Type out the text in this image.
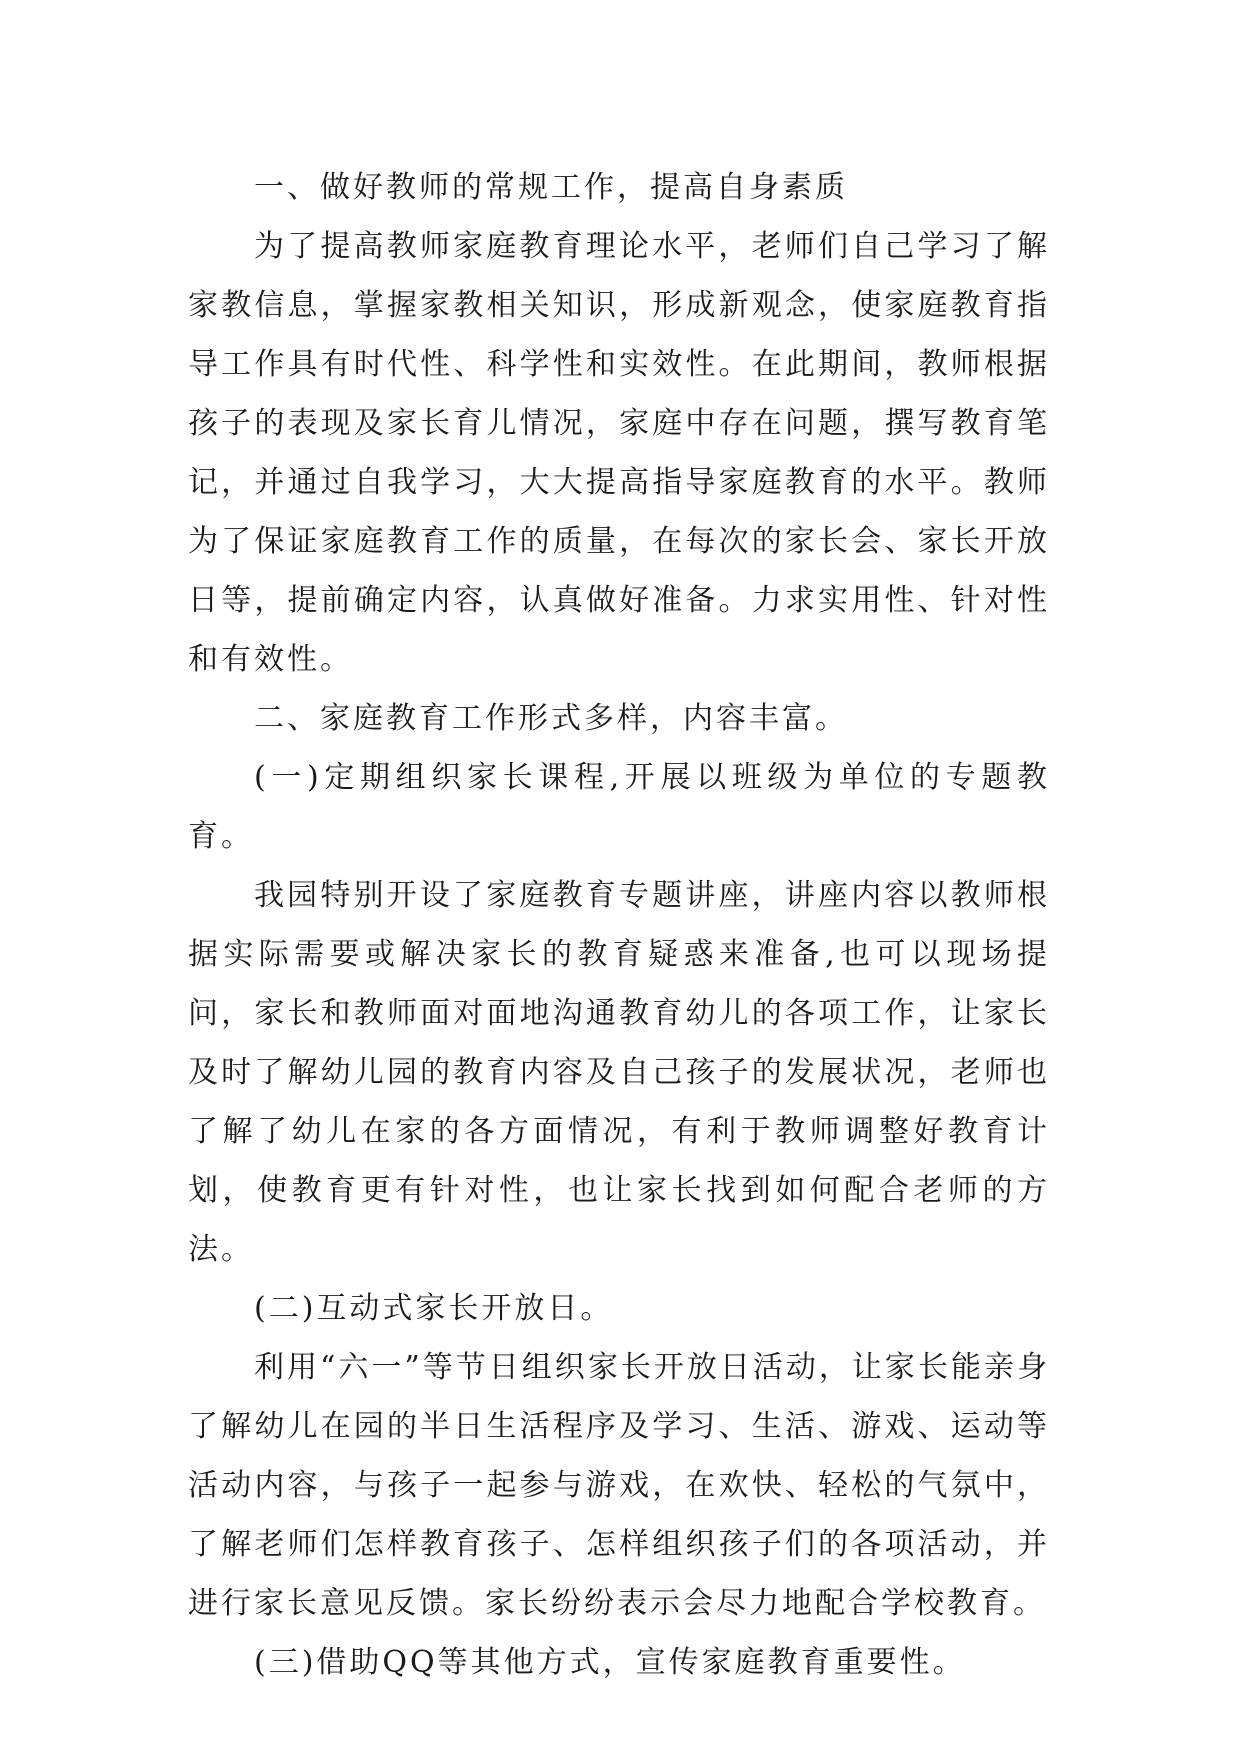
一、做好教师的常规工作，提高自身素质

为了提高教师家庭教育理论水平，老师们自己学习了解家教信息，掌握家教相关知识，形成新观念，使家庭教育指导工作具有时代性、科学性和实效性。在此期间，教师根据孩子的表现及家长育儿情况，家庭中存在问题，撰写教育笔记，并通过自我学习，大大提高指导家庭教育的水平。教师为了保证家庭教育工作的质量，在每次的家长会、家长开放日等，提前确定内容，认真做好准备。力求实用性、针对性和有效性。

二、家庭教育工作形式多样，内容丰富。

(一)定期组织家长课程,开展以班级为单位的专题教育。

我园特别开设了家庭教育专题讲座，讲座内容以教师根据实际需要或解决家长的教育疑惑来准备,也可以现场提问，家长和教师面对面地沟通教育幼儿的各项工作，让家长及时了解幼儿园的教育内容及自己孩子的发展状况，老师也了解了幼儿在家的各方面情况，有利于教师调整好教育计划，使教育更有针对性，也让家长找到如何配合老师的方法。

(二)互动式家长开放日。

利用“六一”等节日组织家长开放日活动，让家长能亲身了解幼儿在园的半日生活程序及学习、生活、游戏、运动等活动内容，与孩子一起参与游戏，在欢快、轻松的气氛中，了解老师们怎样教育孩子、怎样组织孩子们的各项活动，并进行家长意见反馈。家长纷纷表示会尽力地配合学校教育。

(三)借助QQ等其他方式，宣传家庭教育重要性。
